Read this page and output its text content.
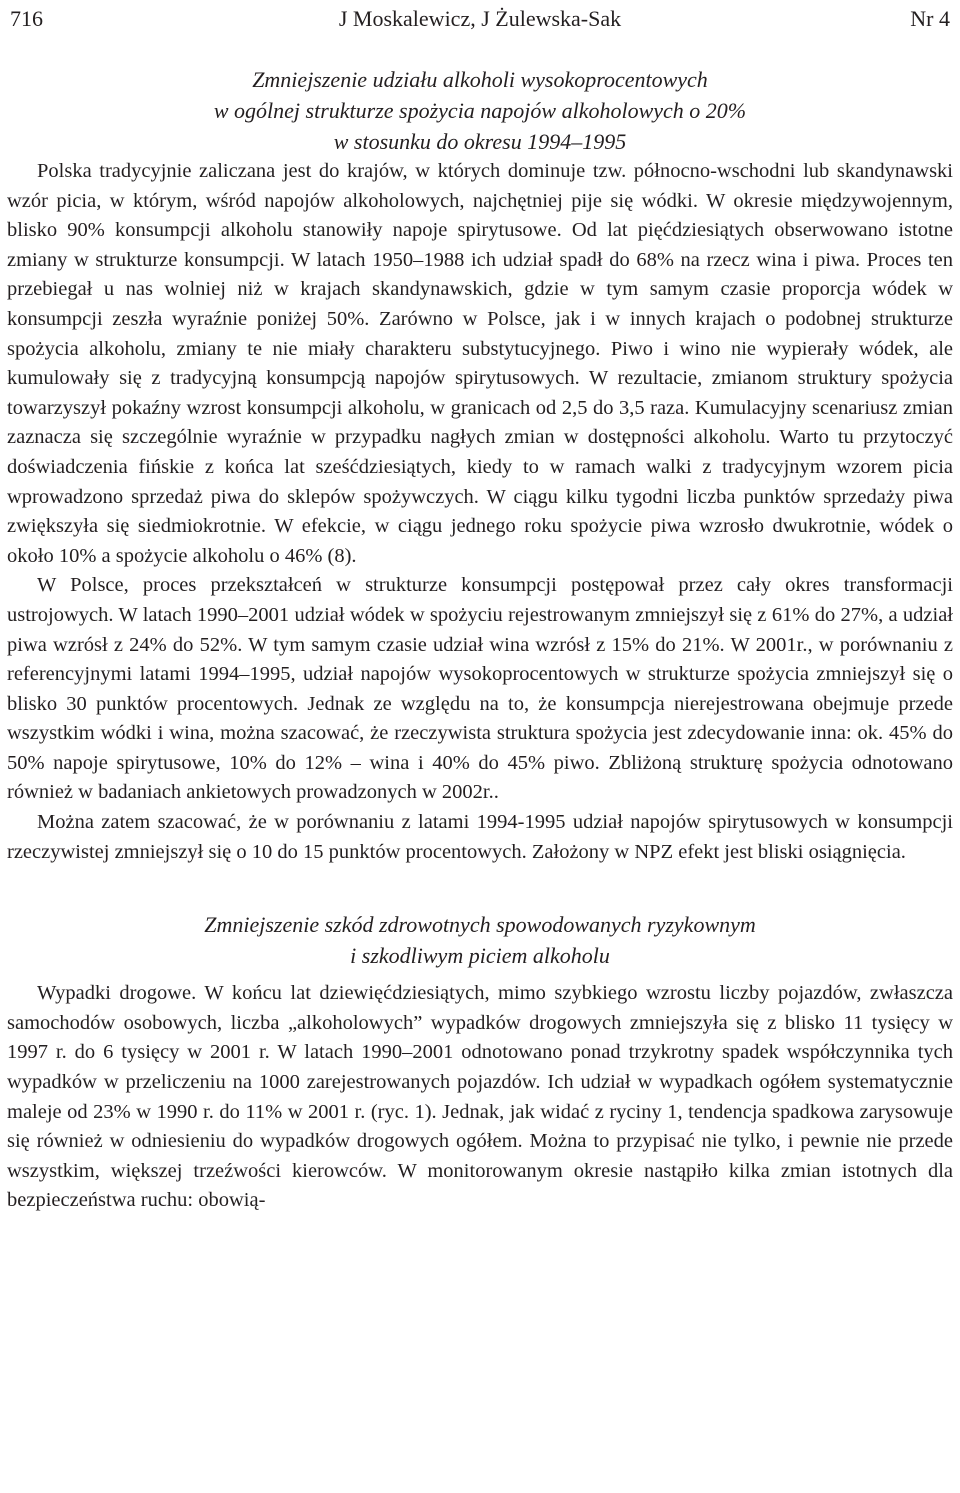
716	J Moskalewicz, J Żulewska-Sak	Nr 4
Zmniejszenie udziału alkoholi wysokoprocentowych
w ogólnej strukturze spożycia napojów alkoholowych o 20%
w stosunku do okresu 1994–1995

Polska tradycyjnie zaliczana jest do krajów, w których dominuje tzw. północno-wschodni lub skandynawski wzór picia, w którym, wśród napojów alkoholowych, najchętniej pije się wódki. W okresie międzywojennym, blisko 90% konsumpcji alkoholu stanowiły napoje spirytusowe. Od lat pięćdziesiątych obserwowano istotne zmiany w strukturze konsumpcji. W latach 1950–1988 ich udział spadł do 68% na rzecz wina i piwa. Proces ten przebiegał u nas wolniej niż w krajach skandynawskich, gdzie w tym samym czasie proporcja wódek w konsumpcji zeszła wyraźnie poniżej 50%. Zarówno w Polsce, jak i w innych krajach o podobnej strukturze spożycia alkoholu, zmiany te nie miały charakteru substytucyjnego. Piwo i wino nie wypierały wódek, ale kumulowały się z tradycyjną konsumpcją napojów spirytusowych. W rezultacie, zmianom struktury spożycia towarzyszył pokaźny wzrost konsumpcji alkoholu, w granicach od 2,5 do 3,5 raza. Kumulacyjny scenariusz zmian zaznacza się szczególnie wyraźnie w przypadku nagłych zmian w dostępności alkoholu. Warto tu przytoczyć doświadczenia fińskie z końca lat sześćdziesiątych, kiedy to w ramach walki z tradycyjnym wzorem picia wprowadzono sprzedaż piwa do sklepów spożywczych. W ciągu kilku tygodni liczba punktów sprzedaży piwa zwiększyła się siedmiokrotnie. W efekcie, w ciągu jednego roku spożycie piwa wzrosło dwukrotnie, wódek o około 10% a spożycie alkoholu o 46% (8).

W Polsce, proces przekształceń w strukturze konsumpcji postępował przez cały okres transformacji ustrojowych. W latach 1990–2001 udział wódek w spożyciu rejestrowanym zmniejszył się z 61% do 27%, a udział piwa wzrósł z 24% do 52%. W tym samym czasie udział wina wzrósł z 15% do 21%. W 2001r., w porównaniu z referencyjnymi latami 1994–1995, udział napojów wysokoprocentowych w strukturze spożycia zmniejszył się o blisko 30 punktów procentowych. Jednak ze względu na to, że konsumpcja nierejestrowana obejmuje przede wszystkim wódki i wina, można szacować, że rzeczywista struktura spożycia jest zdecydowanie inna: ok. 45% do 50% napoje spirytusowe, 10% do 12% – wina i 40% do 45% piwo. Zbliżoną strukturę spożycia odnotowano również w badaniach ankietowych prowadzonych w 2002r..

Można zatem szacować, że w porównaniu z latami 1994-1995 udział napojów spirytusowych w konsumpcji rzeczywistej zmniejszył się o 10 do 15 punktów procentowych. Założony w NPZ efekt jest bliski osiągnięcia.

Zmniejszenie szkód zdrowotnych spowodowanych ryzykownym
i szkodliwym piciem alkoholu

Wypadki drogowe. W końcu lat dziewięćdziesiątych, mimo szybkiego wzrostu liczby pojazdów, zwłaszcza samochodów osobowych, liczba „alkoholowych” wypadków drogowych zmniejszyła się z blisko 11 tysięcy w 1997 r. do 6 tysięcy w 2001 r. W latach 1990–2001 odnotowano ponad trzykrotny spadek współczynnika tych wypadków w przeliczeniu na 1000 zarejestrowanych pojazdów. Ich udział w wypadkach ogółem systematycznie maleje od 23% w 1990 r. do 11% w 2001 r. (ryc. 1). Jednak, jak widać z ryciny 1, tendencja spadkowa zarysowuje się również w odniesieniu do wypadków drogowych ogółem. Można to przypisać nie tylko, i pewnie nie przede wszystkim, większej trzeźwości kierowców. W monitorowanym okresie nastąpiło kilka zmian istotnych dla bezpieczeństwa ruchu: obowią-
